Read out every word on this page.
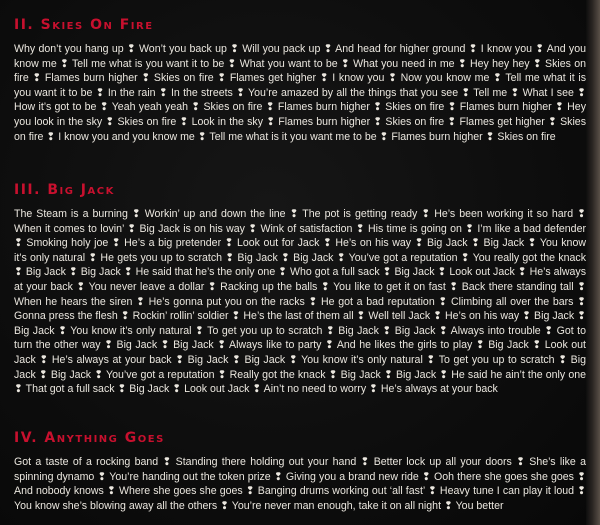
II. Skies On Fire

Why don’t you hang up ❢ Won’t you back up ❢ Will you pack up ❢ And head for higher ground ❢ I know you ❢ And you know me ❢ Tell me what is you want it to be ❢ What you want to be ❢ What you need in me ❢ Hey hey hey ❢ Skies on fire ❢ Flames burn higher ❢ Skies on fire ❢ Flames get higher ❢ I know you ❢ Now you know me ❢ Tell me what it is you want it to be ❢ In the rain ❢ In the streets ❢ You’re amazed by all the things that you see ❢ Tell me ❢ What I see ❢ How it’s got to be ❢ Yeah yeah yeah ❢ Skies on fire ❢ Flames burn higher ❢ Skies on fire ❢ Flames burn higher ❢ Hey you look in the sky ❢ Skies on fire ❢ Look in the sky ❢ Flames burn higher ❢ Skies on fire ❢ Flames get higher ❢ Skies on fire ❢ I know you and you know me ❢ Tell me what is it you want me to be ❢ Flames burn higher ❢ Skies on fire

III. Big Jack

The Steam is a burning ❢ Workin’ up and down the line ❢ The pot is getting ready ❢ He’s been working it so hard ❢ When it comes to lovin’ ❢ Big Jack is on his way ❢ Wink of satisfaction ❢ His time is going on ❢ I’m like a bad defender ❢ Smoking holy joe ❢ He’s a big pretender ❢ Look out for Jack ❢ He’s on his way ❢ Big Jack ❢ Big Jack ❢ You know it’s only natural ❢ He gets you up to scratch ❢ Big Jack ❢ Big Jack ❢ You’ve got a reputation ❢ You really got the knack ❢ Big Jack ❢ Big Jack ❢ He said that he’s the only one ❢ Who got a full sack ❢ Big Jack ❢ Look out Jack ❢ He’s always at your back ❢ You never leave a dollar ❢ Racking up the balls ❢ You like to get it on fast ❢ Back there standing tall ❢ When he hears the siren ❢ He’s gonna put you on the racks ❢ He got a bad reputation ❢ Climbing all over the bars ❢ Gonna press the flesh ❢ Rockin’ rollin’ soldier ❢ He’s the last of them all ❢ Well tell Jack ❢ He’s on his way ❢ Big Jack ❢ Big Jack ❢ You know it’s only natural ❢ To get you up to scratch ❢ Big Jack ❢ Big Jack ❢ Always into trouble ❢ Got to turn the other way ❢ Big Jack ❢ Big Jack ❢ Always like to party ❢ And he likes the girls to play ❢ Big Jack ❢ Look out Jack ❢ He’s always at your back ❢ Big Jack ❢ Big Jack ❢ You know it’s only natural ❢ To get you up to scratch ❢ Big Jack ❢ Big Jack ❢ You’ve got a reputation ❢ Really got the knack ❢ Big Jack ❢ Big Jack ❢ He said he ain’t the only one ❢ That got a full sack ❢ Big Jack ❢ Look out Jack ❢ Ain’t no need to worry ❢ He’s always at your back

IV. Anything Goes

Got a taste of a rocking band ❢ Standing there holding out your hand ❢ Better lock up all your doors ❢ She’s like a spinning dynamo ❢ You’re handing out the token prize ❢ Giving you a brand new ride ❢ Ooh there she goes she goes ❢ And nobody knows ❢ Where she goes she goes ❢ Banging drums working out ‘all fast’ ❢ Heavy tune I can play it loud ❢ You know she’s blowing away all the others ❢ You’re never man enough, take it on all night ❢ You better
